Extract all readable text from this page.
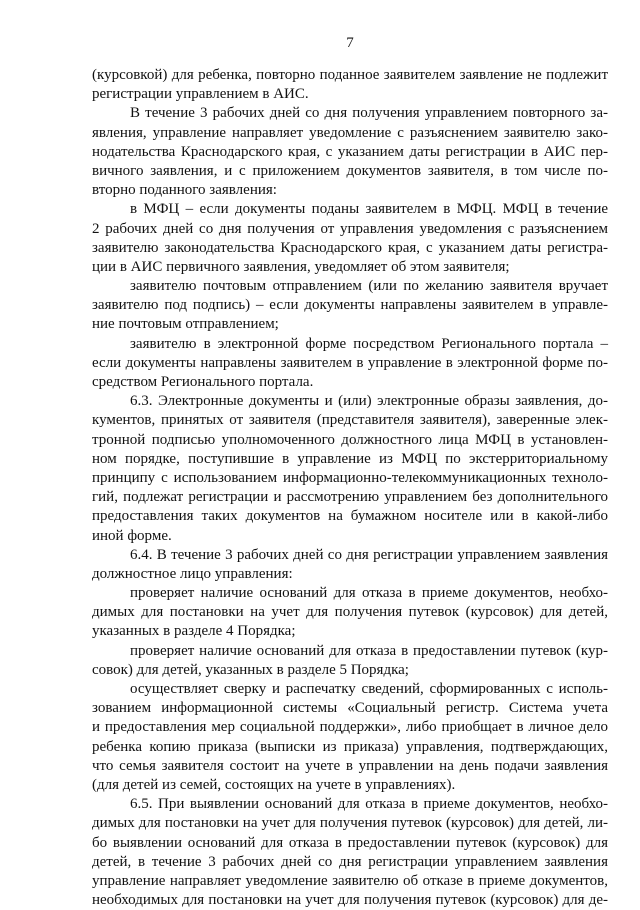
7
(курсовкой) для ребенка, повторно поданное заявителем заявление не подлежит
регистрации управлением в АИС.
В течение 3 рабочих дней со дня получения управлением повторного за-
явления, управление направляет уведомление с разъяснением заявителю зако-
нодательства Краснодарского края, с указанием даты регистрации в АИС пер-
вичного заявления, и с приложением документов заявителя, в том числе по-
вторно поданного заявления:
в МФЦ – если документы поданы заявителем в МФЦ. МФЦ в течение
2 рабочих дней со дня получения от управления уведомления с разъяснением
заявителю законодательства Краснодарского края, с указанием даты регистра-
ции в АИС первичного заявления, уведомляет об этом заявителя;
заявителю почтовым отправлением (или по желанию заявителя вручает
заявителю под подпись) – если документы направлены заявителем в управле-
ние почтовым отправлением;
заявителю в электронной форме посредством Регионального портала –
если документы направлены заявителем в управление в электронной форме по-
средством Регионального портала.
6.3. Электронные документы и (или) электронные образы заявления, до-
кументов, принятых от заявителя (представителя заявителя), заверенные элек-
тронной подписью уполномоченного должностного лица МФЦ в установлен-
ном порядке, поступившие в управление из МФЦ по экстерриториальному
принципу с использованием информационно-телекоммуникационных техноло-
гий, подлежат регистрации и рассмотрению управлением без дополнительного
предоставления таких документов на бумажном носителе или в какой-либо
иной форме.
6.4. В течение 3 рабочих дней со дня регистрации управлением заявления
должностное лицо управления:
проверяет наличие оснований для отказа в приеме документов, необхо-
димых для постановки на учет для получения путевок (курсовок) для детей,
указанных в разделе 4 Порядка;
проверяет наличие оснований для отказа в предоставлении путевок (кур-
совок) для детей, указанных в разделе 5 Порядка;
осуществляет сверку и распечатку сведений, сформированных с исполь-
зованием информационной системы «Социальный регистр. Система учета
и предоставления мер социальной поддержки», либо приобщает в личное дело
ребенка копию приказа (выписки из приказа) управления, подтверждающих,
что семья заявителя состоит на учете в управлении на день подачи заявления
(для детей из семей, состоящих на учете в управлениях).
6.5. При выявлении оснований для отказа в приеме документов, необхо-
димых для постановки на учет для получения путевок (курсовок) для детей, ли-
бо выявлении оснований для отказа в предоставлении путевок (курсовок) для
детей, в течение 3 рабочих дней со дня регистрации управлением заявления
управление направляет уведомление заявителю об отказе в приеме документов,
необходимых для постановки на учет для получения путевок (курсовок) для де-
